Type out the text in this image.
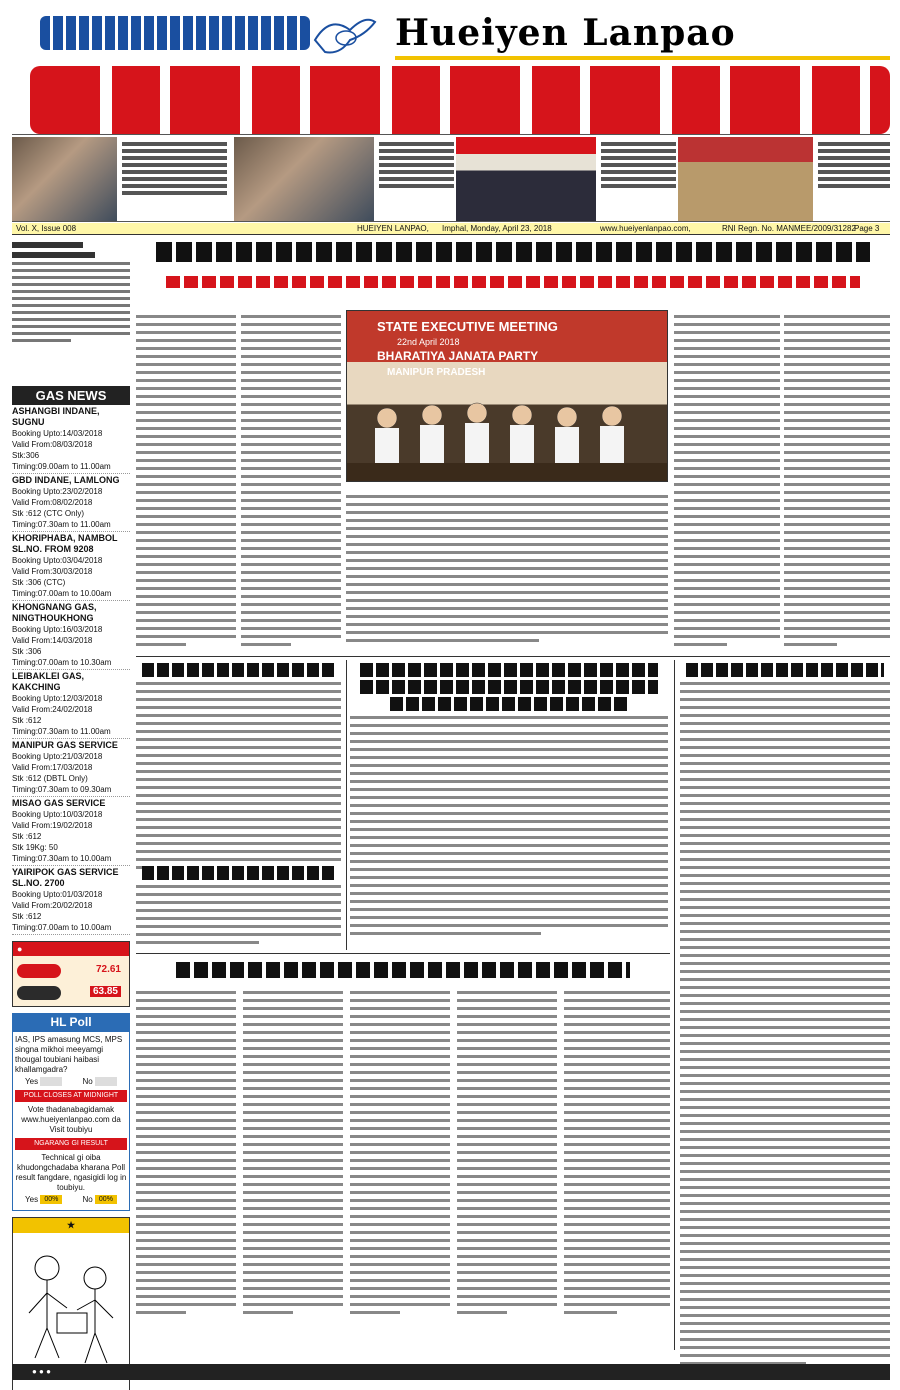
Hueiyen Lanpao
Vol. X, Issue 008	HUEIYEN LANPAO, Imphal, Monday, April 23, 2018	www.hueiyenlanpao.com,	RNI Regn. No. MANMEE/2009/31282
Page 3
GAS NEWS
ASHANGBI INDANE, SUGNU
Booking Upto:14/03/2018
Valid From:08/03/2018
Stk:306
Timing:09.00am to 11.00am
GBD INDANE, LAMLONG
Booking Upto:23/02/2018
Valid From:08/02/2018
Stk :612 (CTC Only)
Timing:07.30am to 11.00am
KHORIPHABA, NAMBOL SL.NO. FROM 9208
Booking Upto:03/04/2018
Valid From:30/03/2018
Stk :306 (CTC)
Timing:07.00am to 10.00am
KHONGNANG GAS, NINGTHOUKHONG
Booking Upto:16/03/2018
Valid From:14/03/2018
Stk :306
Timing:07.00am to 10.30am
LEIBAKLEI GAS, KAKCHING
Booking Upto:12/03/2018
Valid From:24/02/2018
Stk :612
Timing:07.30am to 11.00am
MANIPUR GAS SERVICE
Booking Upto:21/03/2018
Valid From:17/03/2018
Stk :612 (DBTL Only)
Timing:07.30am to 09.30am
MISAO GAS SERVICE
Booking Upto:10/03/2018
Valid From:19/02/2018
Stk :612
Stk 19Kg: 50
Timing:07.30am to 10.00am
YAIRIPOK GAS SERVICE SL.NO. 2700
Booking Upto:01/03/2018
Valid From:20/02/2018
Stk :612
Timing:07.00am to 10.00am
●
72.61
63.85
HL Poll
IAS, IPS amasung MCS, MPS singna mikhoi meeyamgi thougal toubiani haibasi khallamgadra?
Yes	No
POLL CLOSES AT MIDNIGHT
Vote thadanabagidamak www.hueiyenlanpao.com da Visit toubiyu
NGARANG GI RESULT
Technical gi oiba khudongchadaba kharana Poll result fangdare, ngasigidi log in toubiyu.
Yes 00%	No 00%
★
STATE EXECUTIVE MEETING
22nd April 2018
BHARATIYA JANATA PARTY
MANIPUR PRADESH
● ● ●
